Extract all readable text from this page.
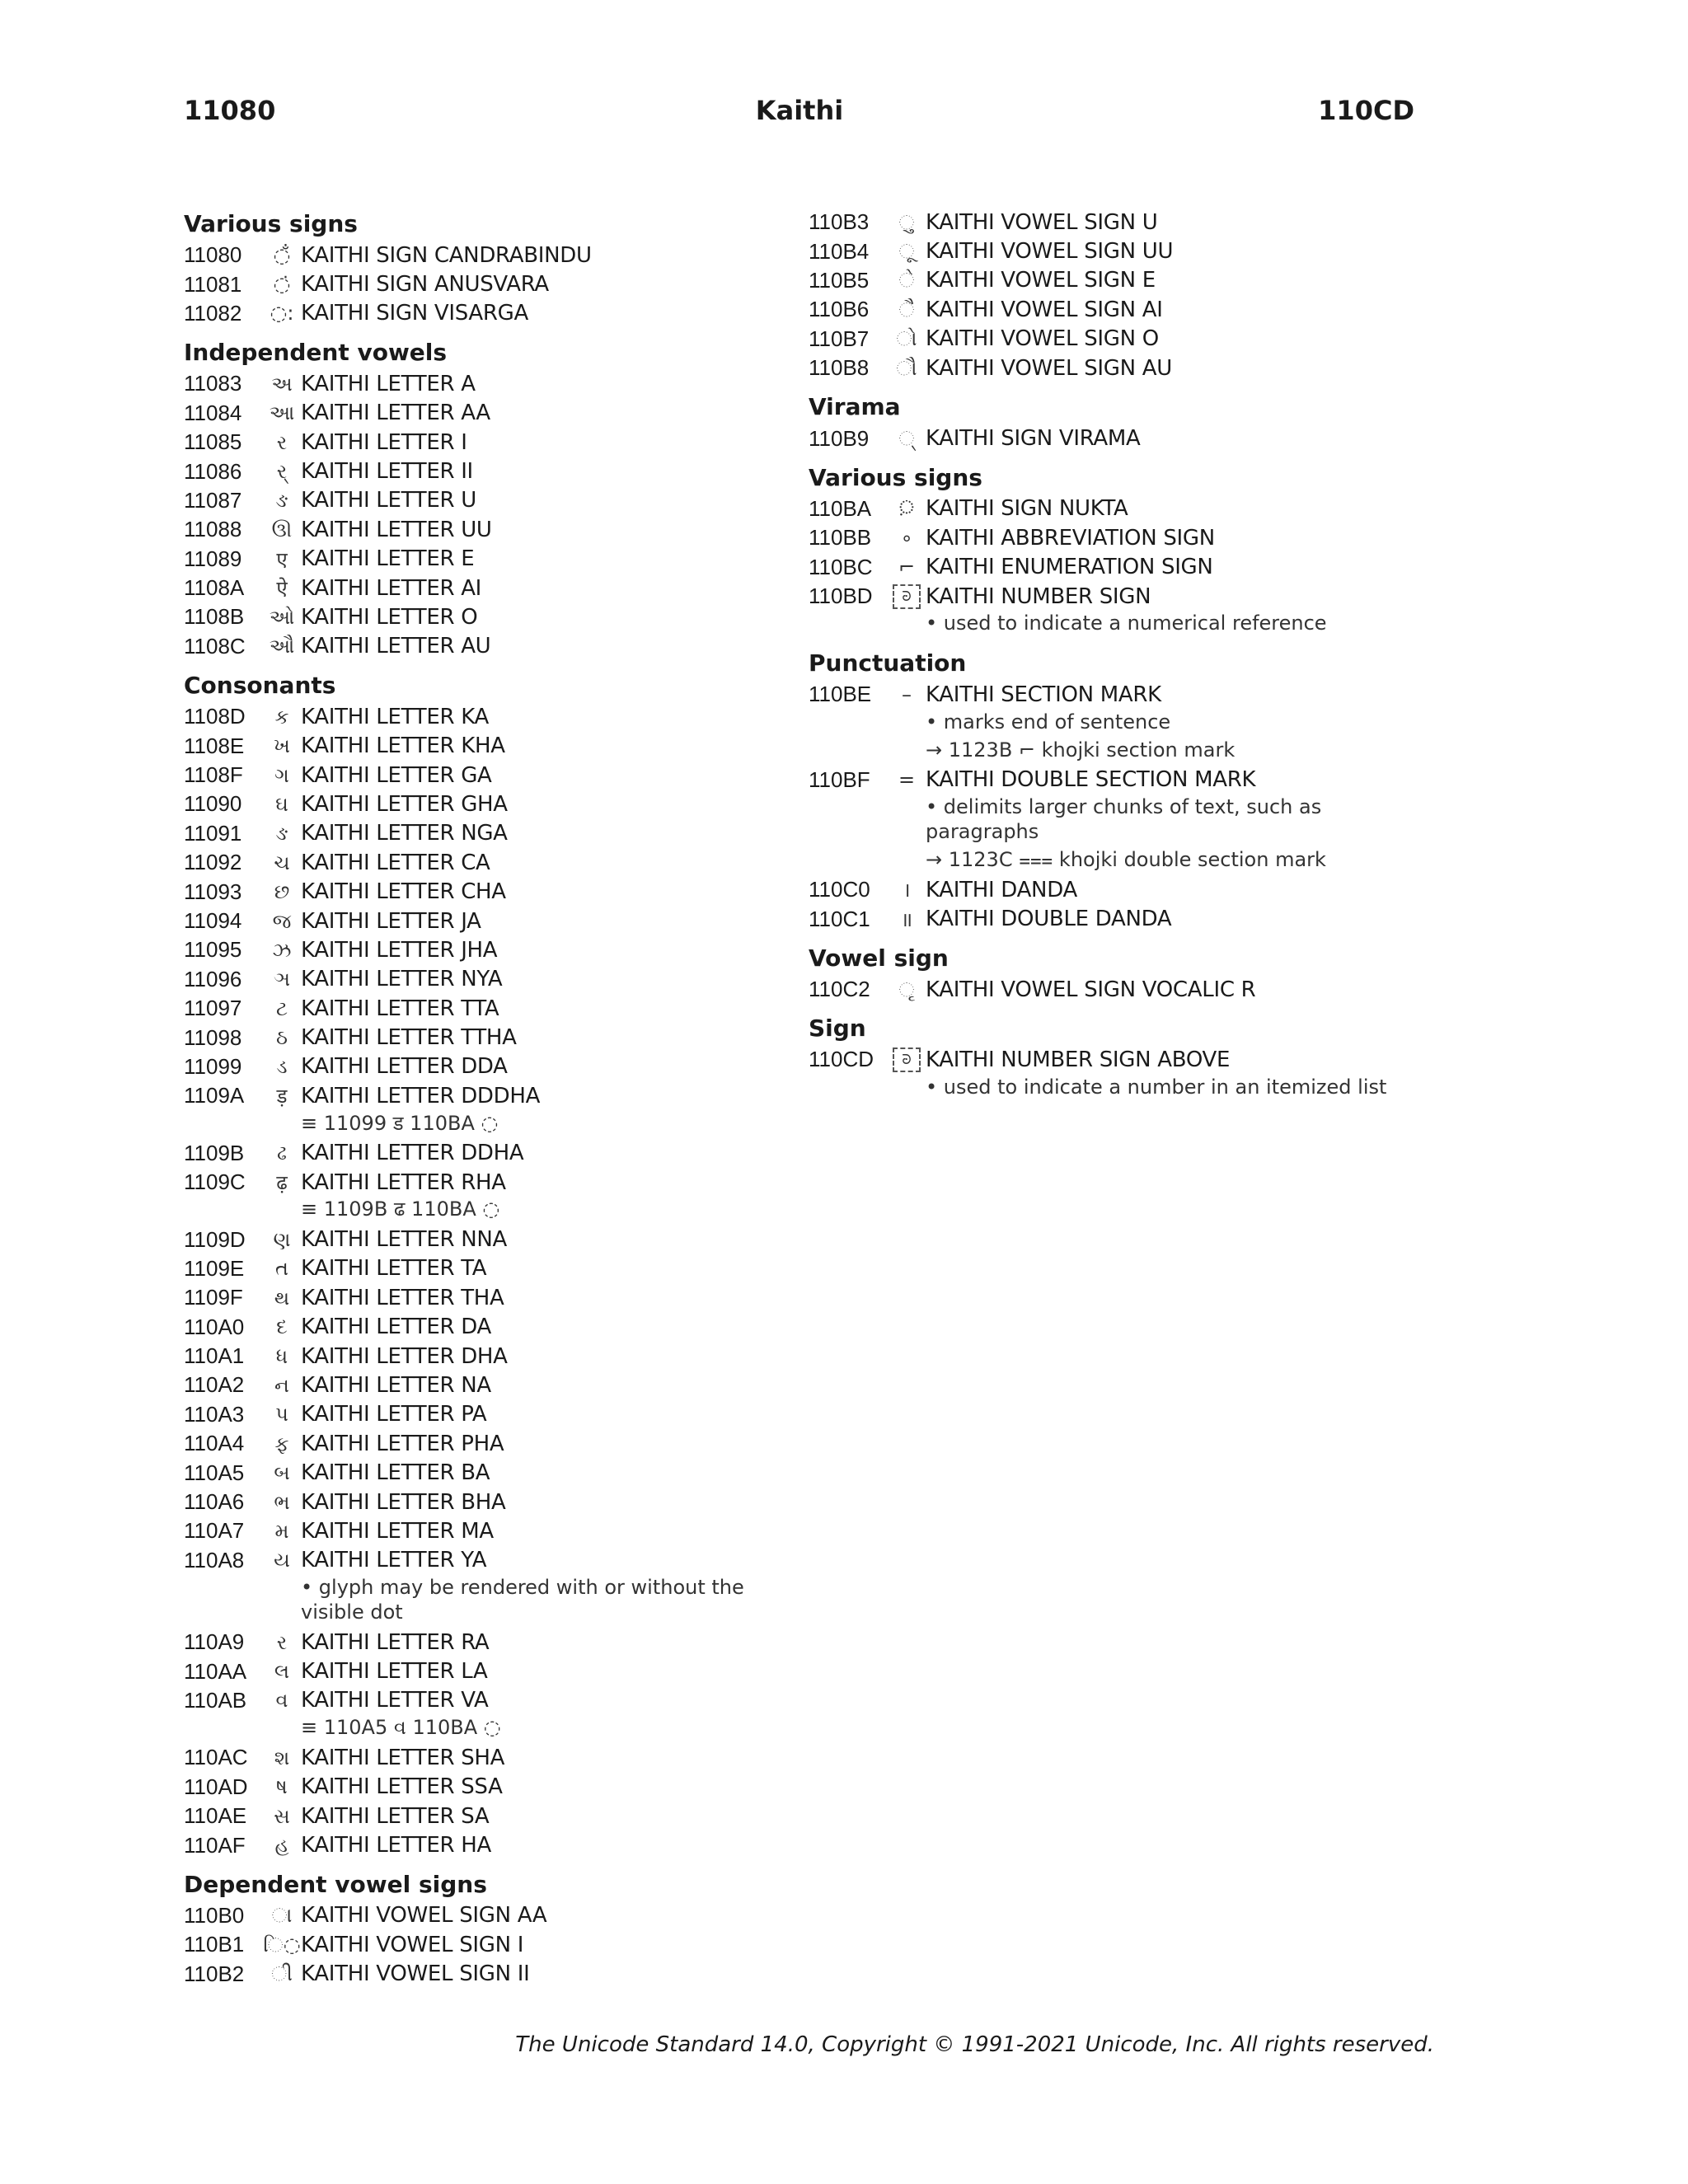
11080	Kaithi	110CD
Various signs
11080	◌̐ KAITHI SIGN CANDRABINDU
11081	◌̇ KAITHI SIGN ANUSVARA
11082	◌: KAITHI SIGN VISARGA
Independent vowels
11083	અ KAITHI LETTER A
11084	આ KAITHI LETTER AA
11085	ર KAITHI LETTER I
11086	ર્ KAITHI LETTER II
11087	ઙ KAITHI LETTER U
11088	ઊ KAITHI LETTER UU
11089	ए KAITHI LETTER E
1108A	ऐ KAITHI LETTER AI
1108B	ઓ KAITHI LETTER O
1108C	ઔ KAITHI LETTER AU
Consonants
1108D	ક KAITHI LETTER KA
1108E	ખ KAITHI LETTER KHA
1108F	ગ KAITHI LETTER GA
11090	ઘ KAITHI LETTER GHA
11091	ઙ KAITHI LETTER NGA
11092	ચ KAITHI LETTER CA
11093	છ KAITHI LETTER CHA
11094	જ KAITHI LETTER JA
11095	ઝ KAITHI LETTER JHA
11096	ઞ KAITHI LETTER NYA
11097	ટ KAITHI LETTER TTA
11098	ઠ KAITHI LETTER TTHA
11099	ડ KAITHI LETTER DDA
1109A	ड़ KAITHI LETTER DDDHA
≡ 11099 ड 110BA ◌
1109B	ઢ KAITHI LETTER DDHA
1109C	ढ़ KAITHI LETTER RHA
≡ 1109B ढ 110BA ◌
1109D	ણ KAITHI LETTER NNA
1109E	ત KAITHI LETTER TA
1109F	થ KAITHI LETTER THA
110A0	દ KAITHI LETTER DA
110A1	ધ KAITHI LETTER DHA
110A2	ન KAITHI LETTER NA
110A3	પ KAITHI LETTER PA
110A4	ફ KAITHI LETTER PHA
110A5	બ KAITHI LETTER BA
110A6	ભ KAITHI LETTER BHA
110A7	મ KAITHI LETTER MA
110A8	ય KAITHI LETTER YA
• glyph may be rendered with or without the visible dot
110A9	ર KAITHI LETTER RA
110AA	લ KAITHI LETTER LA
110AB	વ KAITHI LETTER VA
≡ 110A5 વ 110BA ◌
110AC	શ KAITHI LETTER SHA
110AD	ષ KAITHI LETTER SSA
110AE	સ KAITHI LETTER SA
110AF	હ KAITHI LETTER HA
Dependent vowel signs
110B0	◌ા KAITHI VOWEL SIGN AA
110B1 િ◌ KAITHI VOWEL SIGN I
110B2	◌ી KAITHI VOWEL SIGN II
110B3	◌ુ KAITHI VOWEL SIGN U
110B4	◌ૂ KAITHI VOWEL SIGN UU
110B5	◌ે KAITHI VOWEL SIGN E
110B6	◌ૈ KAITHI VOWEL SIGN AI
110B7	◌ો KAITHI VOWEL SIGN O
110B8	◌ૌ KAITHI VOWEL SIGN AU
Virama
110B9	◌્ KAITHI SIGN VIRAMA
Various signs
110BA	◌় KAITHI SIGN NUKTA
110BB	∘ KAITHI ABBREVIATION SIGN
110BC	⌐ KAITHI ENUMERATION SIGN
110BD	ᘒ KAITHI NUMBER SIGN
• used to indicate a numerical reference
Punctuation
110BE	– KAITHI SECTION MARK
• marks end of sentence
→ 1123B ⌐ khojki section mark
110BF	= KAITHI DOUBLE SECTION MARK
• delimits larger chunks of text, such as paragraphs
→ 1123C ⩶ khojki double section mark
110C0	। KAITHI DANDA
110C1	॥ KAITHI DOUBLE DANDA
Vowel sign
110C2	◌ૃ KAITHI VOWEL SIGN VOCALIC R
Sign
110CD	ᘒ KAITHI NUMBER SIGN ABOVE
• used to indicate a number in an itemized list
The Unicode Standard 14.0, Copyright © 1991-2021 Unicode, Inc. All rights reserved.
